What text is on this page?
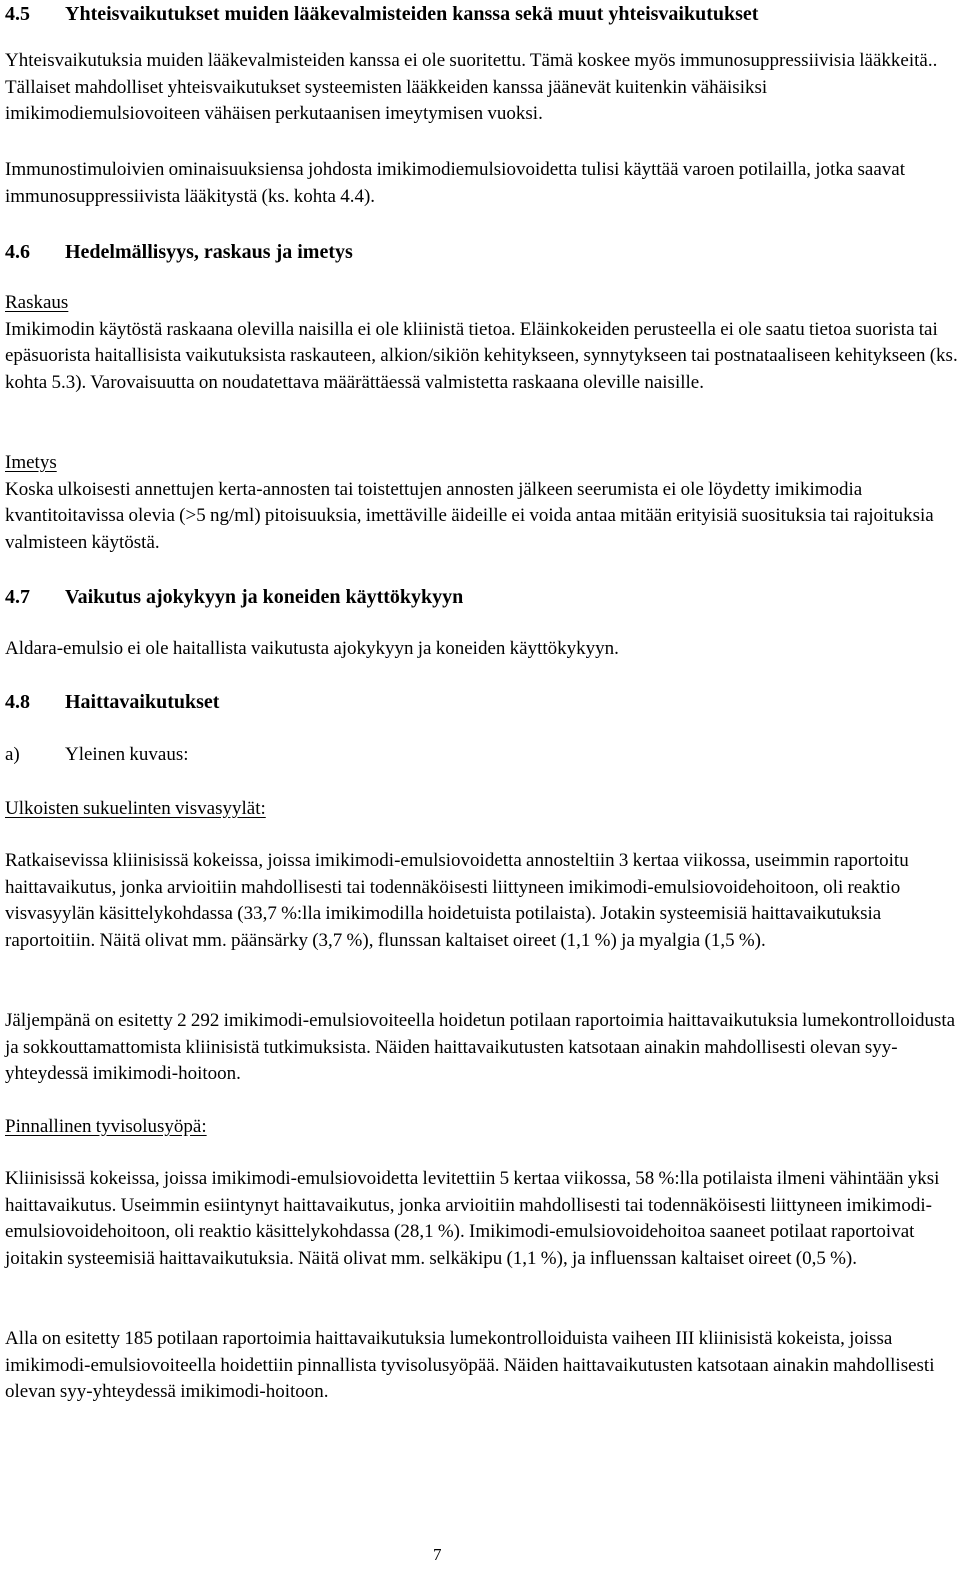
4.5 Yhteisvaikutukset muiden lääkevalmisteiden kanssa sekä muut yhteisvaikutukset
Yhteisvaikutuksia muiden lääkevalmisteiden kanssa ei ole suoritettu. Tämä koskee myös immunosuppressiivisia lääkkeitä.. Tällaiset mahdolliset yhteisvaikutukset systeemisten lääkkeiden kanssa jäänevät kuitenkin vähäisiksi imikimodiemulsiovoiteen vähäisen perkutaanisen imeytymisen vuoksi.
Immunostimuloivien ominaisuuksiensa johdosta imikimodiemulsiovoidetta tulisi käyttää varoen potilailla, jotka saavat immunosuppressiivista lääkitystä (ks. kohta 4.4).
4.6 Hedelmällisyys, raskaus ja imetys
Raskaus
Imikimodin käytöstä raskaana olevilla naisilla ei ole kliinistä tietoa. Eläinkokeiden perusteella ei ole saatu tietoa suorista tai epäsuorista haitallisista vaikutuksista raskauteen, alkion/sikiön kehitykseen, synnytykseen tai postnataaliseen kehitykseen (ks. kohta 5.3). Varovaisuutta on noudatettava määrättäessä valmistetta raskaana oleville naisille.
Imetys
Koska ulkoisesti annettujen kerta-annosten tai toistettujen annosten jälkeen seerumista ei ole löydetty imikimodia kvantitoitavissa olevia (>5 ng/ml) pitoisuuksia, imettäville äideille ei voida antaa mitään erityisiä suosituksia tai rajoituksia valmisteen käytöstä.
4.7 Vaikutus ajokykyyn ja koneiden käyttökykyyn
Aldara-emulsio ei ole haitallista vaikutusta ajokykyyn ja koneiden käyttökykyyn.
4.8 Haittavaikutukset
a) Yleinen kuvaus:
Ulkoisten sukuelinten visvasyylät:
Ratkaisevissa kliinisissä kokeissa, joissa imikimodi-emulsiovoidetta annosteltiin 3 kertaa viikossa, useimmin raportoitu haittavaikutus, jonka arvioitiin mahdollisesti tai todennäköisesti liittyneen imikimodi-emulsiovoidehoitoon, oli reaktio visvasyylän käsittelykohdassa (33,7 %:lla imikimodilla hoidetuista potilaista). Jotakin systeemisiä haittavaikutuksia raportoitiin. Näitä olivat mm. päänsärky (3,7 %), flunssan kaltaiset oireet (1,1 %) ja myalgia (1,5 %).
Jäljempänä on esitetty 2 292 imikimodi-emulsiovoiteella hoidetun potilaan raportoimia haittavaikutuksia lumekontrolloidusta ja sokkouttamattomista kliinisistä tutkimuksista. Näiden haittavaikutusten katsotaan ainakin mahdollisesti olevan syy-yhteydessä imikimodi-hoitoon.
Pinnallinen tyvisolusyöpä:
Kliinisissä kokeissa, joissa imikimodi-emulsiovoidetta levitettiin 5 kertaa viikossa, 58 %:lla potilaista ilmeni vähintään yksi haittavaikutus. Useimmin esiintynyt haittavaikutus, jonka arvioitiin mahdollisesti tai todennäköisesti liittyneen imikimodi-emulsiovoidehoitoon, oli reaktio käsittelykohdassa (28,1 %). Imikimodi-emulsiovoidehoitoa saaneet potilaat raportoivat joitakin systeemisiä haittavaikutuksia. Näitä olivat mm. selkäkipu (1,1 %), ja influenssan kaltaiset oireet (0,5 %).
Alla on esitetty 185 potilaan raportoimia haittavaikutuksia lumekontrolloiduista vaiheen III kliinisistä kokeista, joissa imikimodi-emulsiovoiteella hoidettiin pinnallista tyvisolusyöpää. Näiden haittavaikutusten katsotaan ainakin mahdollisesti olevan syy-yhteydessä imikimodi-hoitoon.
7
